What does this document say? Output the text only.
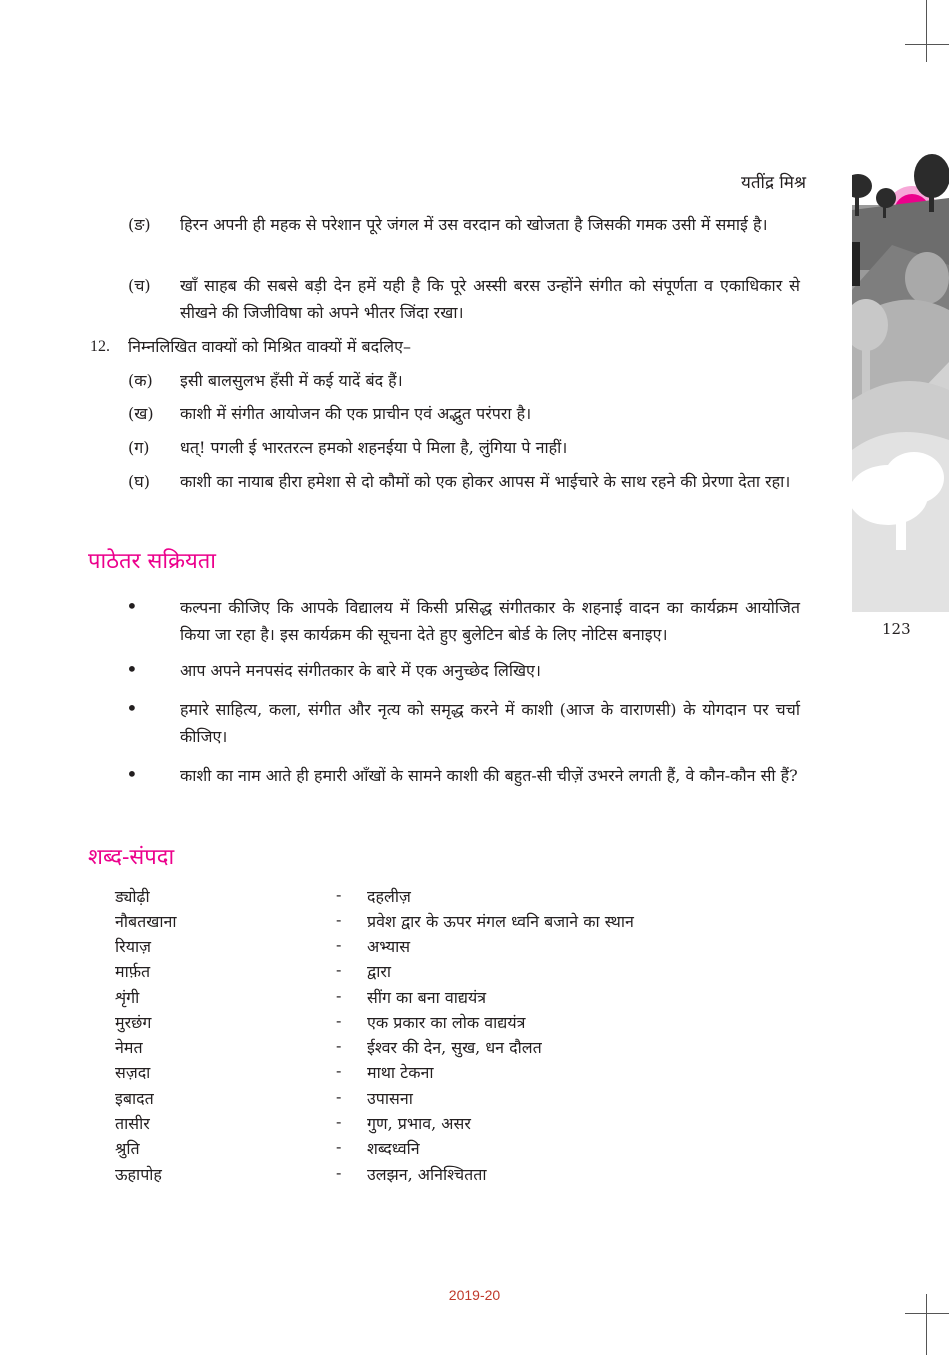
यतींद्र मिश्र
123
(ङ) हिरन अपनी ही महक से परेशान पूरे जंगल में उस वरदान को खोजता है जिसकी गमक उसी में समाई है।
(च) खाँ साहब की सबसे बड़ी देन हमें यही है कि पूरे अस्सी बरस उन्होंने संगीत को संपूर्णता व एकाधिकार से सीखने की जिजीविषा को अपने भीतर जिंदा रखा।
12. निम्नलिखित वाक्यों को मिश्रित वाक्यों में बदलिए–
(क) इसी बालसुलभ हँसी में कई यादें बंद हैं।
(ख) काशी में संगीत आयोजन की एक प्राचीन एवं अद्भुत परंपरा है।
(ग) धत्! पगली ई भारतरत्न हमको शहनईया पे मिला है, लुंगिया पे नाहीं।
(घ) काशी का नायाब हीरा हमेशा से दो कौमों को एक होकर आपस में भाईचारे के साथ रहने की प्रेरणा देता रहा।
पाठेतर सक्रियता
•	कल्पना कीजिए कि आपके विद्यालय में किसी प्रसिद्ध संगीतकार के शहनाई वादन का कार्यक्रम आयोजित किया जा रहा है। इस कार्यक्रम की सूचना देते हुए बुलेटिन बोर्ड के लिए नोटिस बनाइए।
•	आप अपने मनपसंद संगीतकार के बारे में एक अनुच्छेद लिखिए।
•	हमारे साहित्य, कला, संगीत और नृत्य को समृद्ध करने में काशी (आज के वाराणसी) के योगदान पर चर्चा कीजिए।
•	काशी का नाम आते ही हमारी आँखों के सामने काशी की बहुत-सी चीज़ें उभरने लगती हैं, वे कौन-कौन सी हैं?
शब्द-संपदा
ड्योढ़ी	- दहलीज़
नौबतखाना	- प्रवेश द्वार के ऊपर मंगल ध्वनि बजाने का स्थान
रियाज़	- अभ्यास
मार्फ़त	- द्वारा
शृंगी	- सींग का बना वाद्ययंत्र
मुरछंग	- एक प्रकार का लोक वाद्ययंत्र
नेमत	- ईश्वर की देन, सुख, धन दौलत
सज़दा	- माथा टेकना
इबादत	- उपासना
तासीर	- गुण, प्रभाव, असर
श्रुति	- शब्दध्वनि
ऊहापोह	- उलझन, अनिश्चितता
2019-20
